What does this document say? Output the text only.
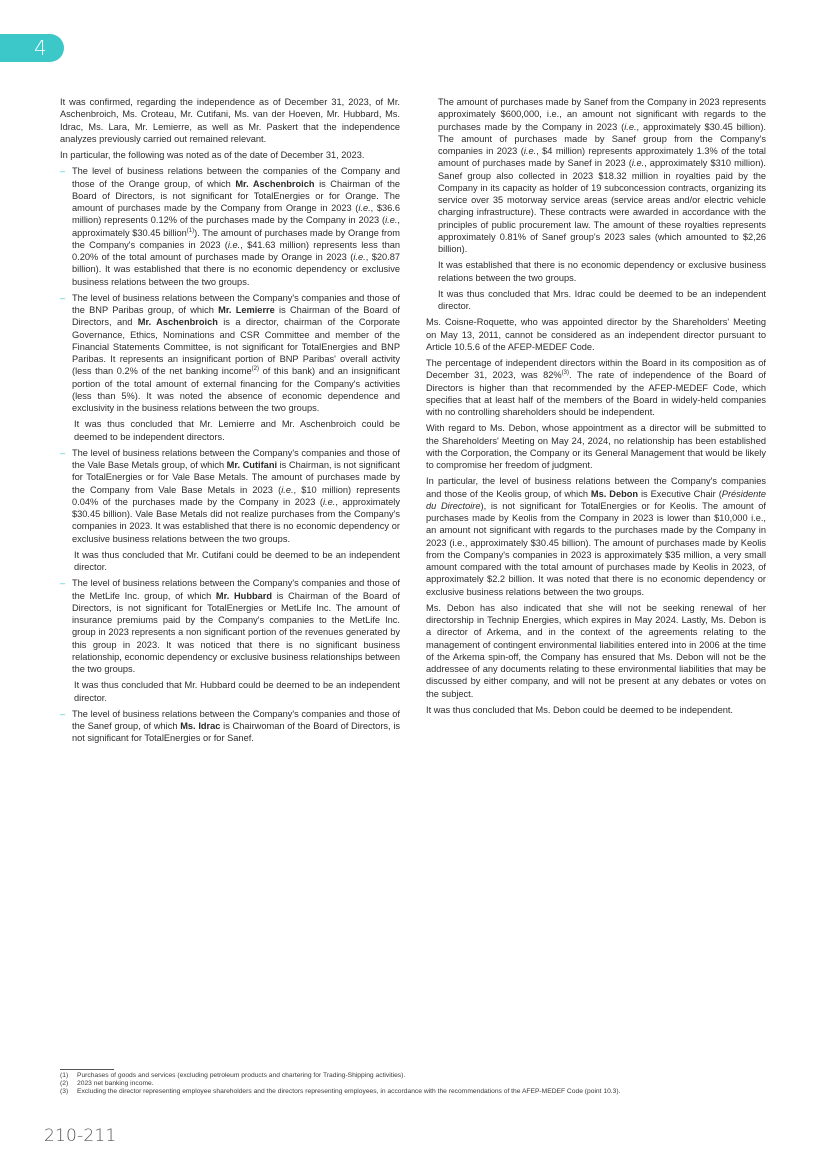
4

It was confirmed, regarding the independence as of December 31, 2023, of Mr. Aschenbroich, Ms. Croteau, Mr. Cutifani, Ms. van der Hoeven, Mr. Hubbard, Ms. Idrac, Ms. Lara, Mr. Lemierre, as well as Mr. Paskert that the independence analyzes previously carried out remained relevant.

In particular, the following was noted as of the date of December 31, 2023.

– The level of business relations between the companies of the Company and those of the Orange group, of which Mr. Aschenbroich is Chairman of the Board of Directors, is not significant for TotalEnergies or for Orange. The amount of purchases made by the Company from Orange in 2023 (i.e., $36.6 million) represents 0.12% of the purchases made by the Company in 2023 (i.e., approximately $30.45 billion$^{(1)}$). The amount of purchases made by Orange from the Company's companies in 2023 (i.e., $41.63 million) represents less than 0.20% of the total amount of purchases made by Orange in 2023 (i.e., $20.87 billion). It was established that there is no economic dependency or exclusive business relations between the two groups.

– The level of business relations between the Company's companies and those of the BNP Paribas group, of which Mr. Lemierre is Chairman of the Board of Directors, and Mr. Aschenbroich is a director, chairman of the Corporate Governance, Ethics, Nominations and CSR Committee and member of the Financial Statements Committee, is not significant for TotalEnergies and BNP Paribas. It represents an insignificant portion of BNP Paribas' overall activity (less than 0.2% of the net banking income$^{(2)}$ of this bank) and an insignificant portion of the total amount of external financing for the Company's activities (less than 5%). It was noted the absence of economic dependence and exclusivity in the business relations between the two groups.

It was thus concluded that Mr. Lemierre and Mr. Aschenbroich could be deemed to be independent directors.

– The level of business relations between the Company's companies and those of the Vale Base Metals group, of which Mr. Cutifani is Chairman, is not significant for TotalEnergies or for Vale Base Metals. The amount of purchases made by the Company from Vale Base Metals in 2023 (i.e., $10 million) represents 0.04% of the purchases made by the Company in 2023 (i.e., approximately $30.45 billion). Vale Base Metals did not realize purchases from the Company's companies in 2023. It was established that there is no economic dependency or exclusive business relations between the two groups.

It was thus concluded that Mr. Cutifani could be deemed to be an independent director.

– The level of business relations between the Company's companies and those of the MetLife Inc. group, of which Mr. Hubbard is Chairman of the Board of Directors, is not significant for TotalEnergies or MetLife Inc. The amount of insurance premiums paid by the Company's companies to the MetLife Inc. group in 2023 represents a non significant portion of the revenues generated by this group in 2023. It was noticed that there is no significant business relationship, economic dependency or exclusive business relationships between the two groups.

It was thus concluded that Mr. Hubbard could be deemed to be an independent director.

– The level of business relations between the Company's companies and those of the Sanef group, of which Ms. Idrac is Chairwoman of the Board of Directors, is not significant for TotalEnergies or for Sanef.

The amount of purchases made by Sanef from the Company in 2023 represents approximately $600,000, i.e., an amount not significant with regards to the purchases made by the Company in 2023 (i.e., approximately $30.45 billion). The amount of purchases made by Sanef group from the Company's companies in 2023 (i.e., $4 million) represents approximately 1.3% of the total amount of purchases made by Sanef in 2023 (i.e., approximately $310 million). Sanef group also collected in 2023 $18.32 million in royalties paid by the Company in its capacity as holder of 19 subconcession contracts, organizing its service over 35 motorway service areas (service areas and/or electric vehicle charging infrastructure). These contracts were awarded in accordance with the principles of public procurement law. The amount of these royalties represents approximately 0.81% of Sanef group's 2023 sales (which amounted to $2,26 billion).

It was established that there is no economic dependency or exclusive business relations between the two groups.

It was thus concluded that Mrs. Idrac could be deemed to be an independent director.

Ms. Coisne-Roquette, who was appointed director by the Shareholders' Meeting on May 13, 2011, cannot be considered as an independent director pursuant to Article 10.5.6 of the AFEP-MEDEF Code.

The percentage of independent directors within the Board in its composition as of December 31, 2023, was 82%$^{(3)}$. The rate of independence of the Board of Directors is higher than that recommended by the AFEP-MEDEF Code, which specifies that at least half of the members of the Board in widely-held companies with no controlling shareholders should be independent.

With regard to Ms. Debon, whose appointment as a director will be submitted to the Shareholders' Meeting on May 24, 2024, no relationship has been established with the Corporation, the Company or its General Management that would be likely to compromise her freedom of judgment.

In particular, the level of business relations between the Company's companies and those of the Keolis group, of which Ms. Debon is Executive Chair (Présidente du Directoire), is not significant for TotalEnergies or for Keolis. The amount of purchases made by Keolis from the Company in 2023 is lower than $10,000 i.e., an amount not significant with regards to the purchases made by the Company in 2023 (i.e., approximately $30.45 billion). The amount of purchases made by Keolis from the Company's companies in 2023 is approximately $35 million, a very small amount compared with the total amount of purchases made by Keolis in 2023, of approximately $2.2 billion. It was noted that there is no economic dependency or exclusive business relations between the two groups.

Ms. Debon has also indicated that she will not be seeking renewal of her directorship in Technip Energies, which expires in May 2024. Lastly, Ms. Debon is a director of Arkema, and in the context of the agreements relating to the management of contingent environmental liabilities entered into in 2006 at the time of the Arkema spin-off, the Company has ensured that Ms. Debon will not be the addressee of any documents relating to these environmental liabilities that may be discussed by either company, and will not be present at any debates or votes on the subject.

It was thus concluded that Ms. Debon could be deemed to be independent.

(1)	Purchases of goods and services (excluding petroleum products and chartering for Trading-Shipping activities).
(2)	2023 net banking income.
(3)	Excluding the director representing employee shareholders and the directors representing employees, in accordance with the recommendations of the AFEP-MEDEF Code (point 10.3).
210-211
